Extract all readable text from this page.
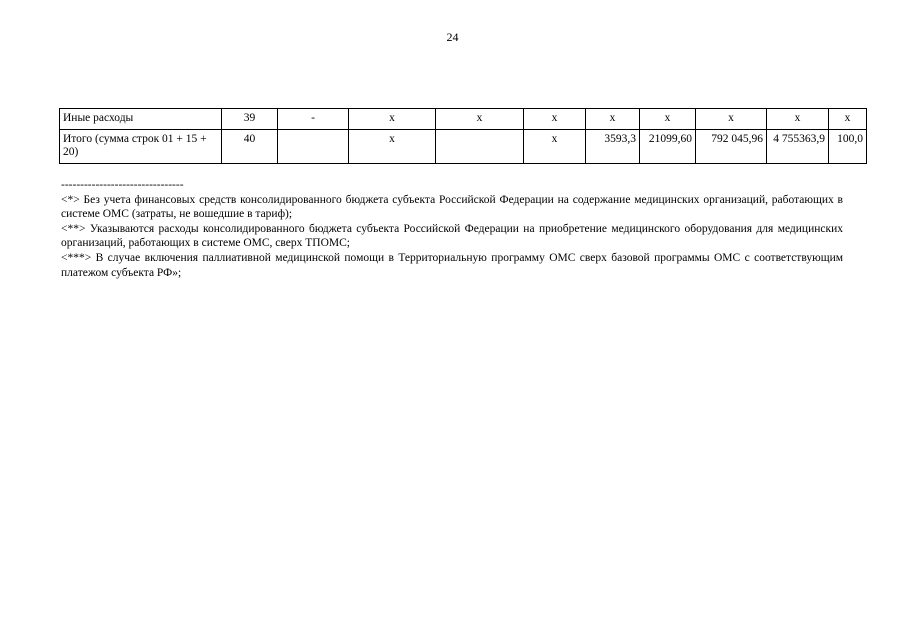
24
Иные расходы	39	-	х	х	х	х	х	х	х	х
Итого (сумма строк 01 + 15 + 20)	40		х		х	3593,3	21099,60	792 045,96	4 755363,9	100,0
--------------------------------

<*> Без учета финансовых средств консолидированного бюджета субъекта Российской Федерации на содержание медицинских организаций, работающих в системе ОМС (затраты, не вошедшие в тариф);

<**> Указываются расходы консолидированного бюджета субъекта Российской Федерации на приобретение медицинского оборудования для медицинских организаций, работающих в системе ОМС, сверх ТПОМС;

<***> В случае включения паллиативной медицинской помощи в Территориальную программу ОМС сверх базовой программы ОМС с соответствующим платежом субъекта РФ»;
